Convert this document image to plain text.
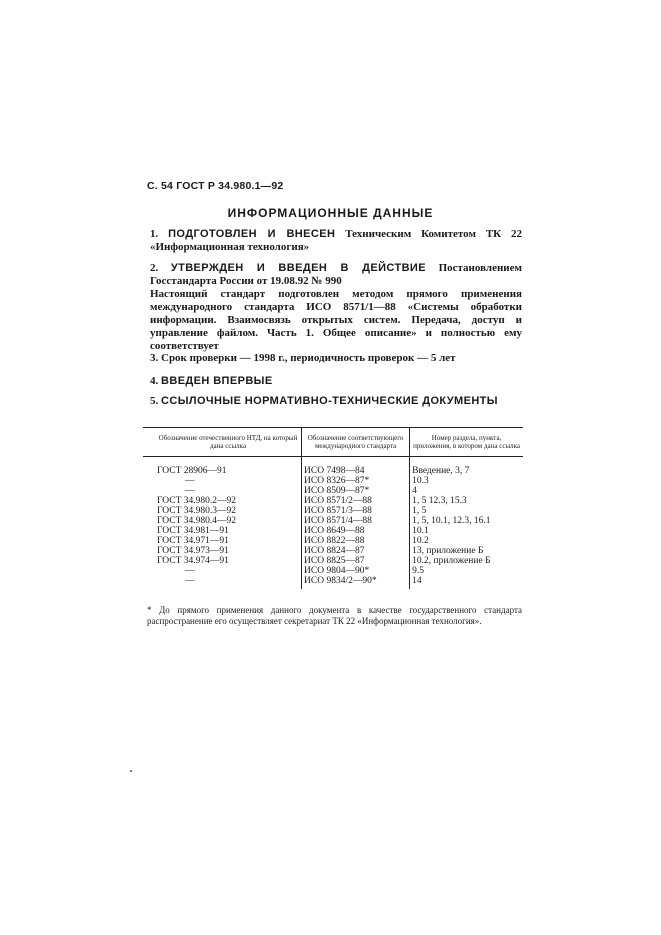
С. 54 ГОСТ Р 34.980.1—92
ИНФОРМАЦИОННЫЕ ДАННЫЕ
1. ПОДГОТОВЛЕН И ВНЕСЕН Техническим Комитетом ТК 22 «Информационная технология»
2. УТВЕРЖДЕН И ВВЕДЕН В ДЕЙСТВИЕ Постановлением Госстандарта России от 19.08.92 № 990

Настоящий стандарт подготовлен методом прямого применения международного стандарта ИСО 8571/1—88 «Системы обработки информации. Взаимосвязь открытых систем. Передача, доступ и управление файлом. Часть 1. Общее описание» и полностью ему соответствует

3. Срок проверки — 1998 г., периодичность проверок — 5 лет
4. ВВЕДЕН ВПЕРВЫЕ
5. ССЫЛОЧНЫЕ НОРМАТИВНО-ТЕХНИЧЕСКИЕ ДОКУМЕНТЫ
Обозначение отечественного НТД, на который дана ссылка	Обозначение соответствующего международного стандарта	Номер раздела, пункта, приложения, в котором дана ссылка
ГОСТ 28906—91	ИСО 7498—84	Введение, 3, 7
—	ИСО 8326—87*	10.3
—	ИСО 8509—87*	4
ГОСТ 34.980.2—92	ИСО 8571/2—88	1, 5 12.3, 15.3
ГОСТ 34.980.3—92	ИСО 8571/3—88	1, 5
ГОСТ 34.980.4—92	ИСО 8571/4—88	1, 5, 10.1, 12.3, 16.1
ГОСТ 34.981—91	ИСО 8649—88	10.1
ГОСТ 34.971—91	ИСО 8822—88	10.2
ГОСТ 34.973—91	ИСО 8824—87	13, приложение Б
ГОСТ 34.974—91	ИСО 8825—87	10.2, приложение Б
—	ИСО 9804—90*	9.5
—	ИСО 9834/2—90*	14
* До прямого применения данного документа в качестве государственного стандарта распространение его осуществляет секретариат ТК 22 «Информационная технология».
